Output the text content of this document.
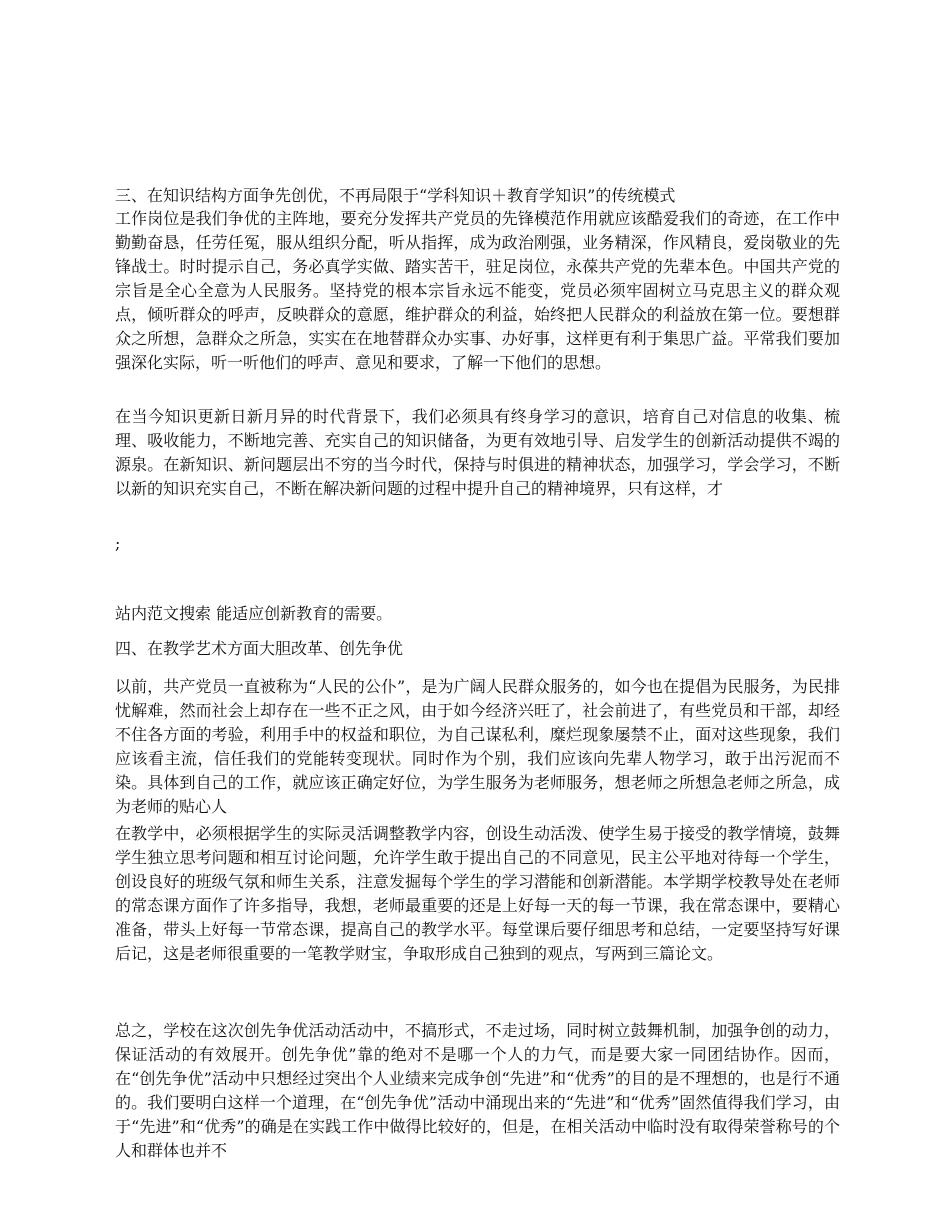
三、在知识结构方面争先创优，不再局限于“学科知识＋教育学知识”的传统模式

工作岗位是我们争优的主阵地，要充分发挥共产党员的先锋模范作用就应该酷爱我们的奇迹，在工作中勤勤奋恳，任劳任冤，服从组织分配，听从指挥，成为政治刚强，业务精深，作风精良，爱岗敬业的先锋战士。时时提示自己，务必真学实做、踏实苦干，驻足岗位，永葆共产党的先辈本色。中国共产党的宗旨是全心全意为人民服务。坚持党的根本宗旨永远不能变，党员必须牢固树立马克思主义的群众观点，倾听群众的呼声，反映群众的意愿，维护群众的利益，始终把人民群众的利益放在第一位。要想群众之所想，急群众之所急，实实在在地替群众办实事、办好事，这样更有利于集思广益。平常我们要加强深化实际，听一听他们的呼声、意见和要求，了解一下他们的思想。

在当今知识更新日新月异的时代背景下，我们必须具有终身学习的意识，培育自己对信息的收集、梳理、吸收能力，不断地完善、充实自己的知识储备，为更有效地引导、启发学生的创新活动提供不竭的源泉。在新知识、新问题层出不穷的当今时代，保持与时俱进的精神状态，加强学习，学会学习，不断以新的知识充实自己，不断在解决新问题的过程中提升自己的精神境界，只有这样，才

;

站内范文搜索 能适应创新教育的需要。

四、在教学艺术方面大胆改革、创先争优

以前，共产党员一直被称为“人民的公仆”，是为广阔人民群众服务的，如今也在提倡为民服务，为民排忧解难，然而社会上却存在一些不正之风，由于如今经济兴旺了，社会前进了，有些党员和干部，却经不住各方面的考验，利用手中的权益和职位，为自己谋私利，糜烂现象屡禁不止，面对这些现象，我们应该看主流，信任我们的党能转变现状。同时作为个别，我们应该向先辈人物学习，敢于出污泥而不染。具体到自己的工作，就应该正确定好位，为学生服务为老师服务，想老师之所想急老师之所急，成为老师的贴心人

在教学中，必须根据学生的实际灵活调整教学内容，创设生动活泼、使学生易于接受的教学情境，鼓舞学生独立思考问题和相互讨论问题，允许学生敢于提出自己的不同意见，民主公平地对待每一个学生，创设良好的班级气氛和师生关系，注意发掘每个学生的学习潜能和创新潜能。本学期学校教导处在老师的常态课方面作了许多指导，我想，老师最重要的还是上好每一天的每一节课，我在常态课中，要精心准备，带头上好每一节常态课，提高自己的教学水平。每堂课后要仔细思考和总结，一定要坚持写好课后记，这是老师很重要的一笔教学财宝，争取形成自己独到的观点，写两到三篇论文。

总之，学校在这次创先争优活动活动中，不搞形式，不走过场，同时树立鼓舞机制，加强争创的动力，保证活动的有效展开。创先争优”靠的绝对不是哪一个人的力气，而是要大家一同团结协作。因而，在“创先争优”活动中只想经过突出个人业绩来完成争创“先进”和“优秀”的目的是不理想的，也是行不通的。我们要明白这样一个道理，在“创先争优”活动中涌现出来的“先进”和“优秀”固然值得我们学习，由于“先进”和“优秀”的确是在实践工作中做得比较好的，但是，在相关活动中临时没有取得荣誉称号的个人和群体也并不
